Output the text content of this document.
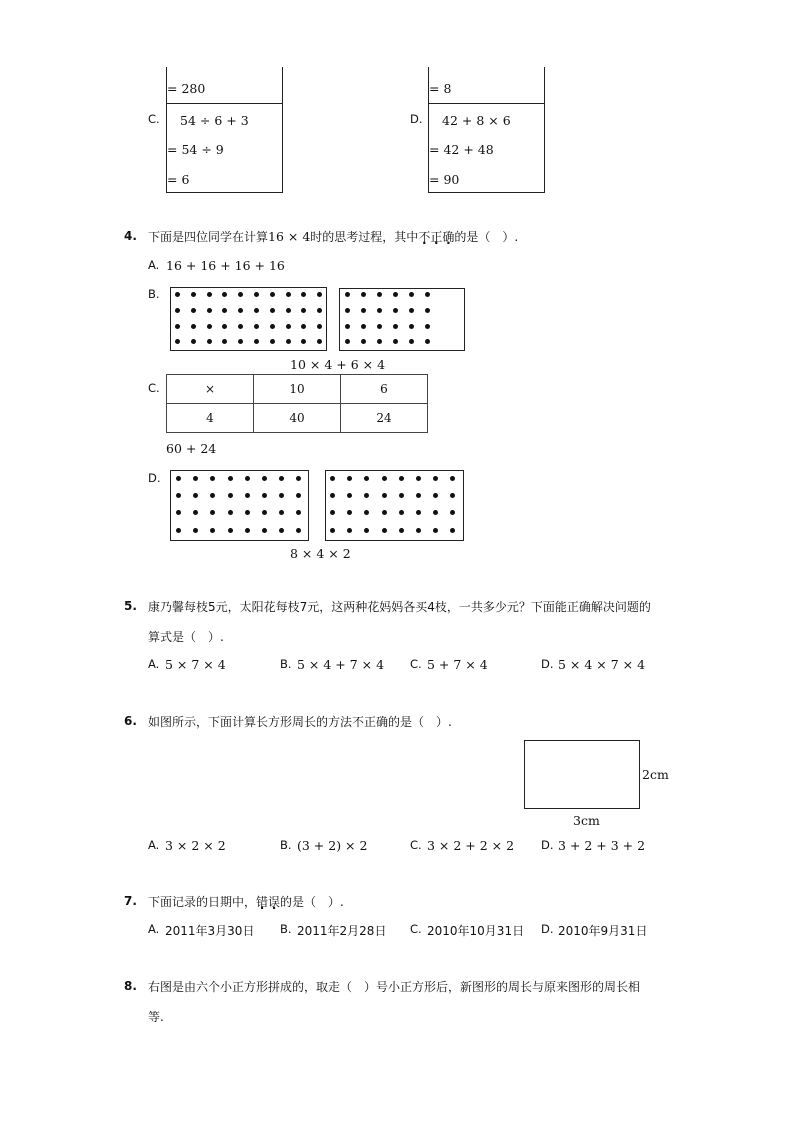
= 280
C. 54 ÷ 6 + 3
= 54 ÷ 9
= 6
= 8
D. 42 + 8 × 6
= 42 + 48
= 90
4. 下面是四位同学在计算16 × 4时的思考过程，其中不正确的是（　）.
A. 16 + 16 + 16 + 16
B.
10 × 4 + 6 × 4
C.	×	10	6
4	40	24
60 + 24
D.
8 × 4 × 2
5. 康乃馨每枝5元，太阳花每枝7元，这两种花妈妈各买4枝，一共多少元？下面能正确解决问题的
算式是（　）.
A. 5 × 7 × 4	B. 5 × 4 + 7 × 4 C. 5 + 7 × 4	D. 5 × 4 × 7 × 4
6. 如图所示，下面计算长方形周长的方法不正确的是（　）.
2cm
3cm
A. 3 × 2 × 2	B. (3 + 2) × 2	C. 3 × 2 + 2 × 2 D. 3 + 2 + 3 + 2
7. 下面记录的日期中，错误的是（　）.
A. 2011年3月30日 B. 2011年2月28日 C. 2010年10月31日 D. 2010年9月31日
8. 右图是由六个小正方形拼成的，取走（　）号小正方形后，新图形的周长与原来图形的周长相
等.
